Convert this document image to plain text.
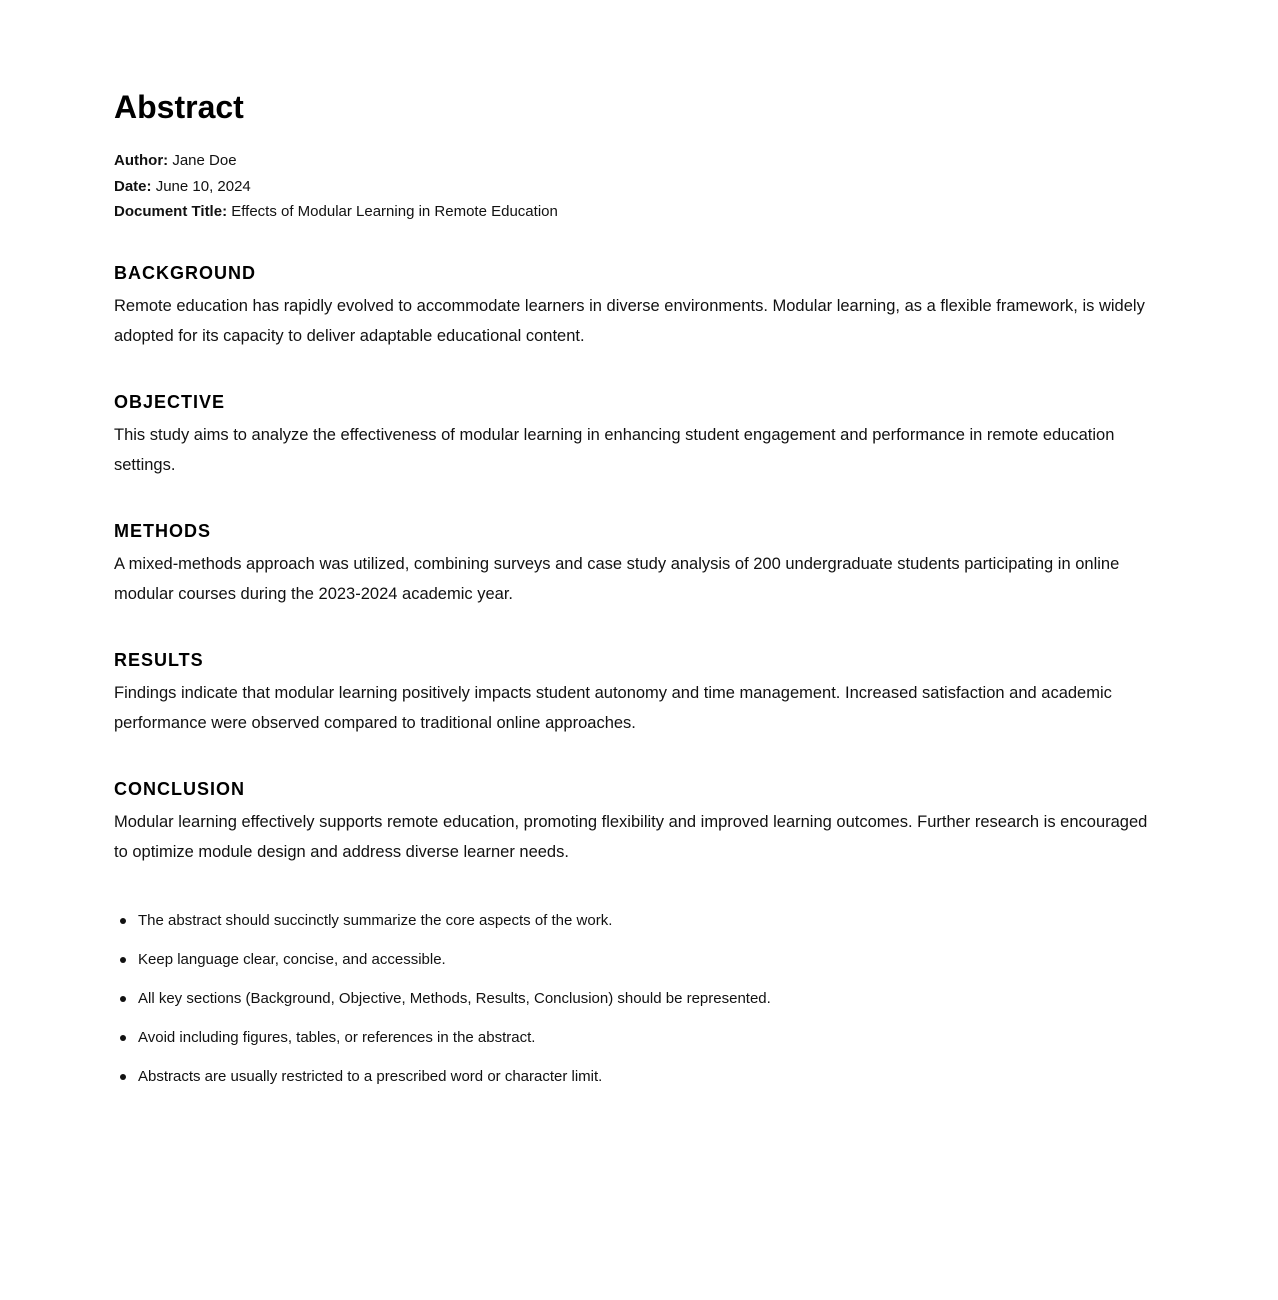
Abstract
Author: Jane Doe
Date: June 10, 2024
Document Title: Effects of Modular Learning in Remote Education
BACKGROUND

Remote education has rapidly evolved to accommodate learners in diverse environments. Modular learning, as a flexible framework, is widely adopted for its capacity to deliver adaptable educational content.

OBJECTIVE

This study aims to analyze the effectiveness of modular learning in enhancing student engagement and performance in remote education settings.

METHODS

A mixed-methods approach was utilized, combining surveys and case study analysis of 200 undergraduate students participating in online modular courses during the 2023-2024 academic year.

RESULTS

Findings indicate that modular learning positively impacts student autonomy and time management. Increased satisfaction and academic performance were observed compared to traditional online approaches.

CONCLUSION

Modular learning effectively supports remote education, promoting flexibility and improved learning outcomes. Further research is encouraged to optimize module design and address diverse learner needs.

The abstract should succinctly summarize the core aspects of the work.
Keep language clear, concise, and accessible.
All key sections (Background, Objective, Methods, Results, Conclusion) should be represented.
Avoid including figures, tables, or references in the abstract.
Abstracts are usually restricted to a prescribed word or character limit.
